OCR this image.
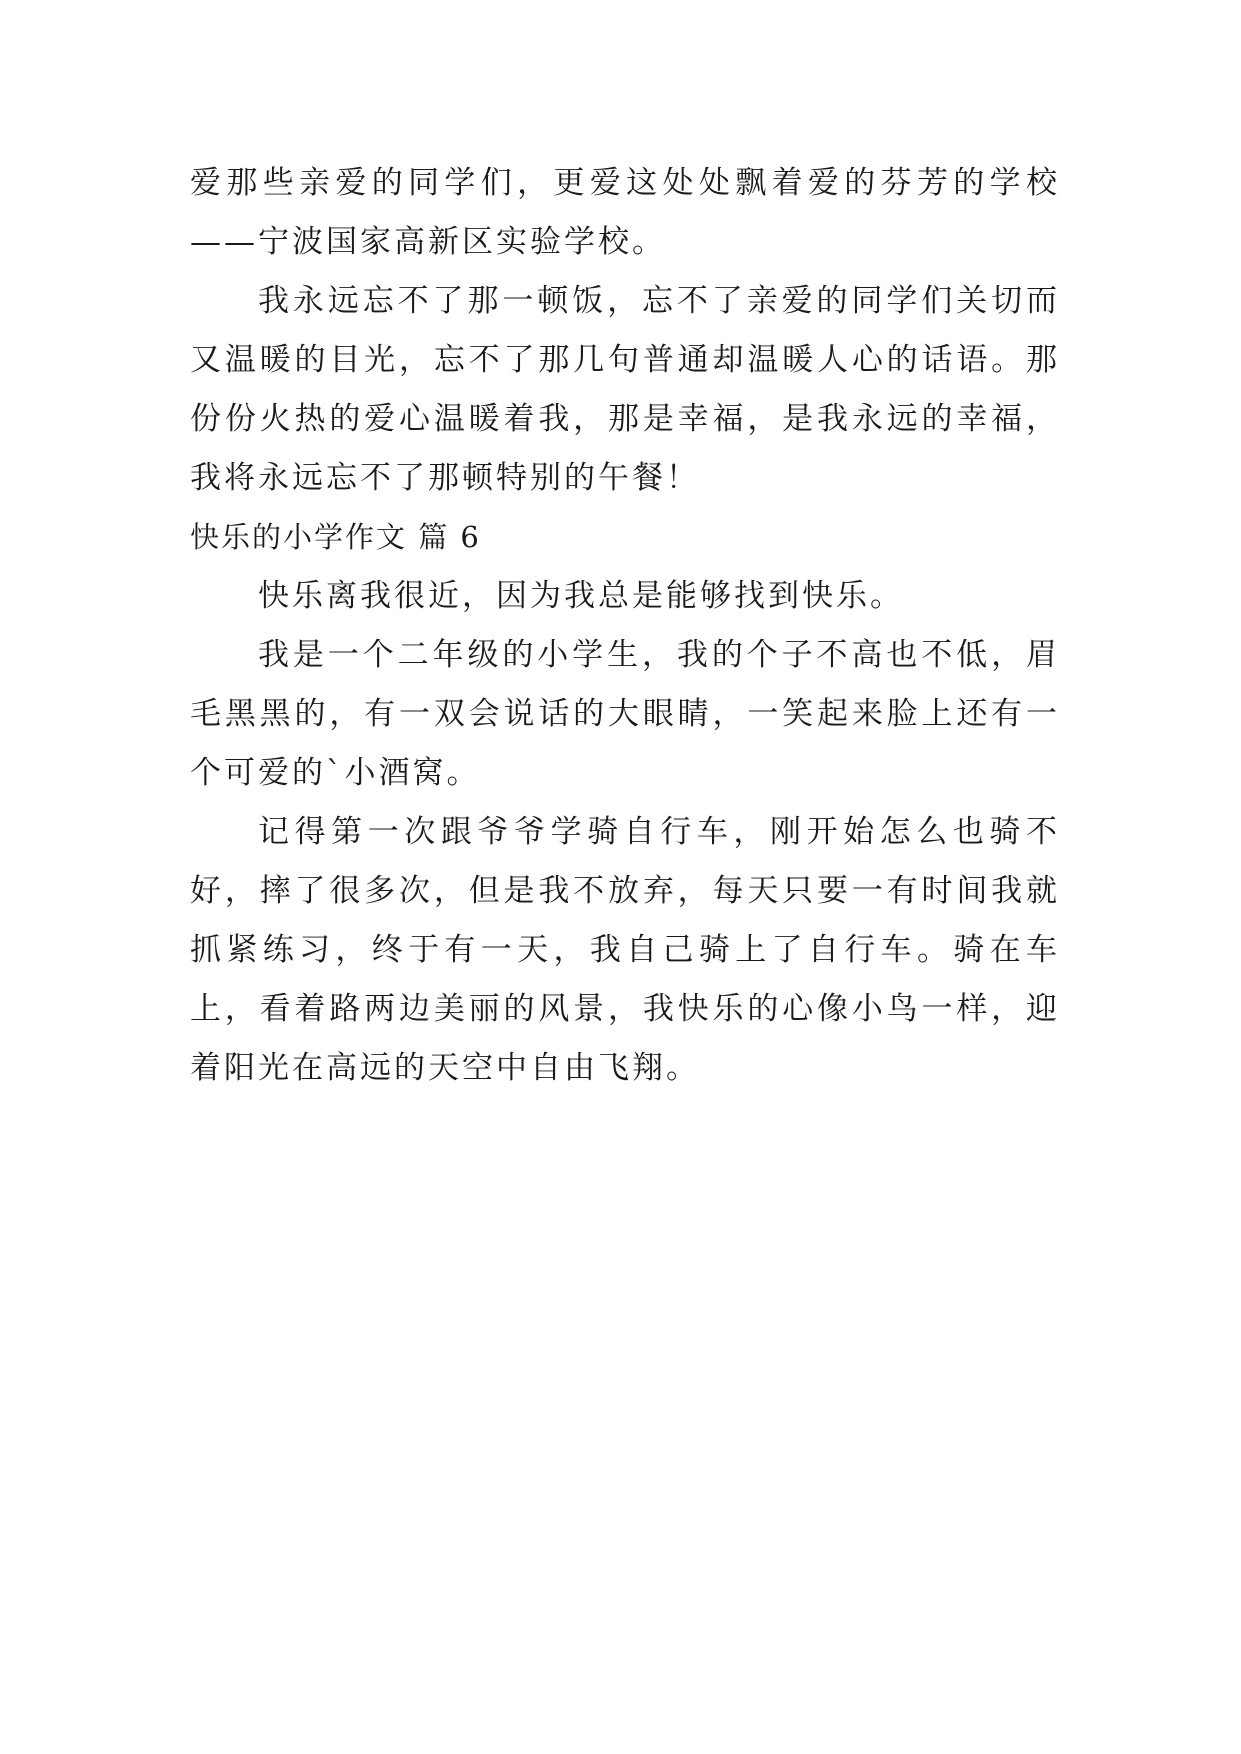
爱那些亲爱的同学们，更爱这处处飘着爱的芬芳的学校——宁波国家高新区实验学校。

我永远忘不了那一顿饭，忘不了亲爱的同学们关切而又温暖的目光，忘不了那几句普通却温暖人心的话语。那份份火热的爱心温暖着我，那是幸福，是我永远的幸福，我将永远忘不了那顿特别的午餐！

快乐的小学作文 篇 6

快乐离我很近，因为我总是能够找到快乐。

我是一个二年级的小学生，我的个子不高也不低，眉毛黑黑的，有一双会说话的大眼睛，一笑起来脸上还有一个可爱的`小酒窝。

记得第一次跟爷爷学骑自行车，刚开始怎么也骑不好，摔了很多次，但是我不放弃，每天只要一有时间我就抓紧练习，终于有一天，我自己骑上了自行车。骑在车上，看着路两边美丽的风景，我快乐的心像小鸟一样，迎着阳光在高远的天空中自由飞翔。
